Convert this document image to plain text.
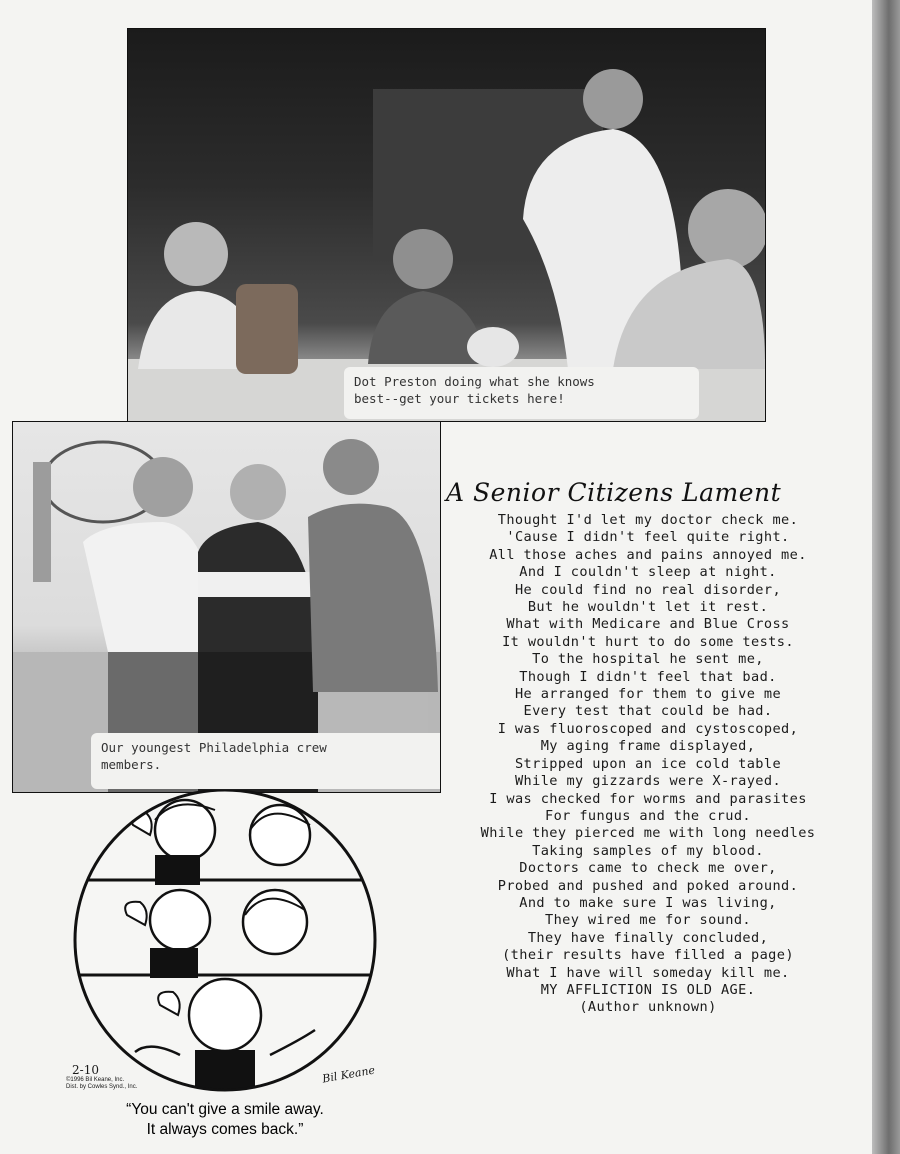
Dot Preston doing what she knows
best--get your tickets here!
Our youngest Philadelphia crew
members.
A Senior Citizens Lament
Thought I'd let my doctor check me.
'Cause I didn't feel quite right.
All those aches and pains annoyed me.
And I couldn't sleep at night.
He could find no real disorder,
But he wouldn't let it rest.
What with Medicare and Blue Cross
It wouldn't hurt to do some tests.
To the hospital he sent me,
Though I didn't feel that bad.
He arranged for them to give me
Every test that could be had.
I was fluoroscoped and cystoscoped,
My aging frame displayed,
Stripped upon an ice cold table
While my gizzards were X-rayed.
I was checked for worms and parasites
For fungus and the crud.
While they pierced me with long needles
Taking samples of my blood.
Doctors came to check me over,
Probed and pushed and poked around.
And to make sure I was living,
They wired me for sound.
They have finally concluded,
(their results have filled a page)
What I have will someday kill me.
MY AFFLICTION IS OLD AGE.
(Author unknown)
2-10
©1996 Bil Keane, Inc.
Dist. by Cowles Synd., Inc.
Bil Keane
“You can't give a smile away.
It always comes back.”
